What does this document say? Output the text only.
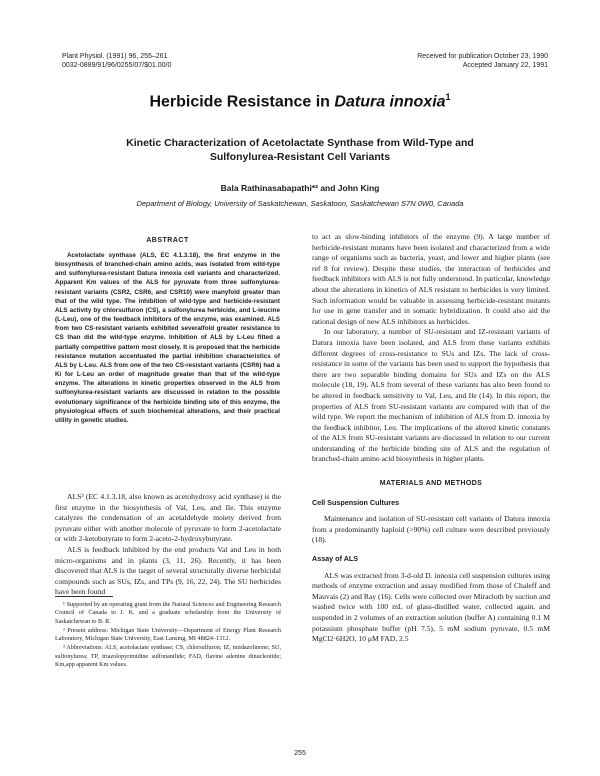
Plant Physiol. (1991) 96, 255–261
0032-0889/91/96/0255/07/$01.00/0
Received for publication October 23, 1990
Accepted January 22, 1991
Herbicide Resistance in Datura innoxia$^1$
Kinetic Characterization of Acetolactate Synthase from Wild-Type and Sulfonylurea-Resistant Cell Variants
Bala Rathinasabapathi*² and John King
Department of Biology, University of Saskatchewan, Saskatoon, Saskatchewan S7N 0W0, Canada
ABSTRACT
Acetolactate synthase (ALS, EC 4.1.3.18), the first enzyme in the biosynthesis of branched-chain amino acids, was isolated from wild-type and sulfonylurea-resistant Datura innoxia cell variants and characterized. Apparent Km values of the ALS for pyruvate from three sulfonylurea-resistant variants (CSR2, CSR6, and CSR10) were manyfold greater than that of the wild type. The inhibition of wild-type and herbicide-resistant ALS activity by chlorsulfuron (CS), a sulfonylurea herbicide, and L-leucine (L-Leu), one of the feedback inhibitors of the enzyme, was examined. ALS from two CS-resistant variants exhibited severalfold greater resistance to CS than did the wild-type enzyme. Inhibition of ALS by L-Leu fitted a partially competitive pattern most closely. It is proposed that the herbicide resistance mutation accentuated the partial inhibition characteristics of ALS by L-Leu. ALS from one of the two CS-resistant variants (CSR6) had a Ki for L-Leu an order of magnitude greater than that of the wild-type enzyme. The alterations in kinetic properties observed in the ALS from sulfonylurea-resistant variants are discussed in relation to the possible evolutionary significance of the herbicide binding site of this enzyme, the physiological effects of such biochemical alterations, and their practical utility in genetic studies.

ALS³ (EC 4.1.3.18, also known as acetohydroxy acid synthase) is the first enzyme in the biosynthesis of Val, Leu, and Ile. This enzyme catalyzes the condensation of an acetaldehyde moiety derived from pyruvate either with another molecule of pyruvate to form 2-acetolactate or with 2-ketobutyrate to form 2-aceto-2-hydroxybutyrate.

ALS is feedback inhibited by the end products Val and Leu in both micro-organisms and in plants (3, 11, 26). Recently, it has been discovered that ALS is the target of several structurally diverse herbicidal compounds such as SUs, IZs, and TPs (9, 16, 22, 24). The SU herbicides have been found

¹ Supported by an operating grant from the Natural Sciences and Engineering Research Council of Canada to J. K. and a graduate scholarship from the University of Saskatchewan to B. R.

² Present address: Michigan State University—Department of Energy Plant Research Laboratory, Michigan State University, East Lansing, MI 48824–1312.

³ Abbreviations: ALS, acetolactate synthase; CS, chlorsulfuron; IZ, imidazolinone; SU, sulfonylurea; TP, triazolopyrimidine sulfonanilide; FAD, flavine adenine dinucleotide; Km,app apparent Km values.

to act as slow-binding inhibitors of the enzyme (9). A large number of herbicide-resistant mutants have been isolated and characterized from a wide range of organisms such as bacteria, yeast, and lower and higher plants (see ref 8 for review). Despite these studies, the interaction of herbicides and feedback inhibitors with ALS is not fully understood. In particular, knowledge about the alterations in kinetics of ALS resistant to herbicides is very limited. Such information would be valuable in assessing herbicide-resistant mutants for use in gene transfer and in somatic hybridization. It could also aid the rational design of new ALS inhibitors as herbicides.

In our laboratory, a number of SU-resistant and IZ-resistant variants of Datura innoxia have been isolated, and ALS from these variants exhibits different degrees of cross-resistance to SUs and IZs. The lack of cross-resistance in some of the variants has been used to support the hypothesis that there are two separable binding domains for SUs and IZs on the ALS molecule (18, 19). ALS from several of these variants has also been found to be altered in feedback sensitivity to Val, Leu, and Ile (14). In this report, the properties of ALS from SU-resistant variants are compared with that of the wild type. We report the mechanism of inhibition of ALS from D. innoxia by the feedback inhibitor, Leu. The implications of the altered kinetic constants of the ALS from SU-resistant variants are discussed in relation to our current understanding of the herbicide binding site of ALS and the regulation of branched-chain amino acid biosynthesis in higher plants.

MATERIALS AND METHODS
Cell Suspension Cultures

Maintenance and isolation of SU-resistant cell variants of Datura innoxia from a predominantly haploid (>90%) cell culture were described previously (18).

Assay of ALS

ALS was extracted from 3-d-old D. innoxia cell suspension cultures using methods of enzyme extraction and assay modified from those of Chaleff and Mauvais (2) and Ray (16). Cells were collected over Miracloth by suction and washed twice with 100 mL of glass-distilled water, collected again, and suspended in 2 volumes of an extraction solution (buffer A) containing 0.1 M potassium phosphate buffer (pH 7.5), 5 mM sodium pyruvate, 0.5 mM MgCl2·6H2O, 10 μM FAD, 2.5

255
